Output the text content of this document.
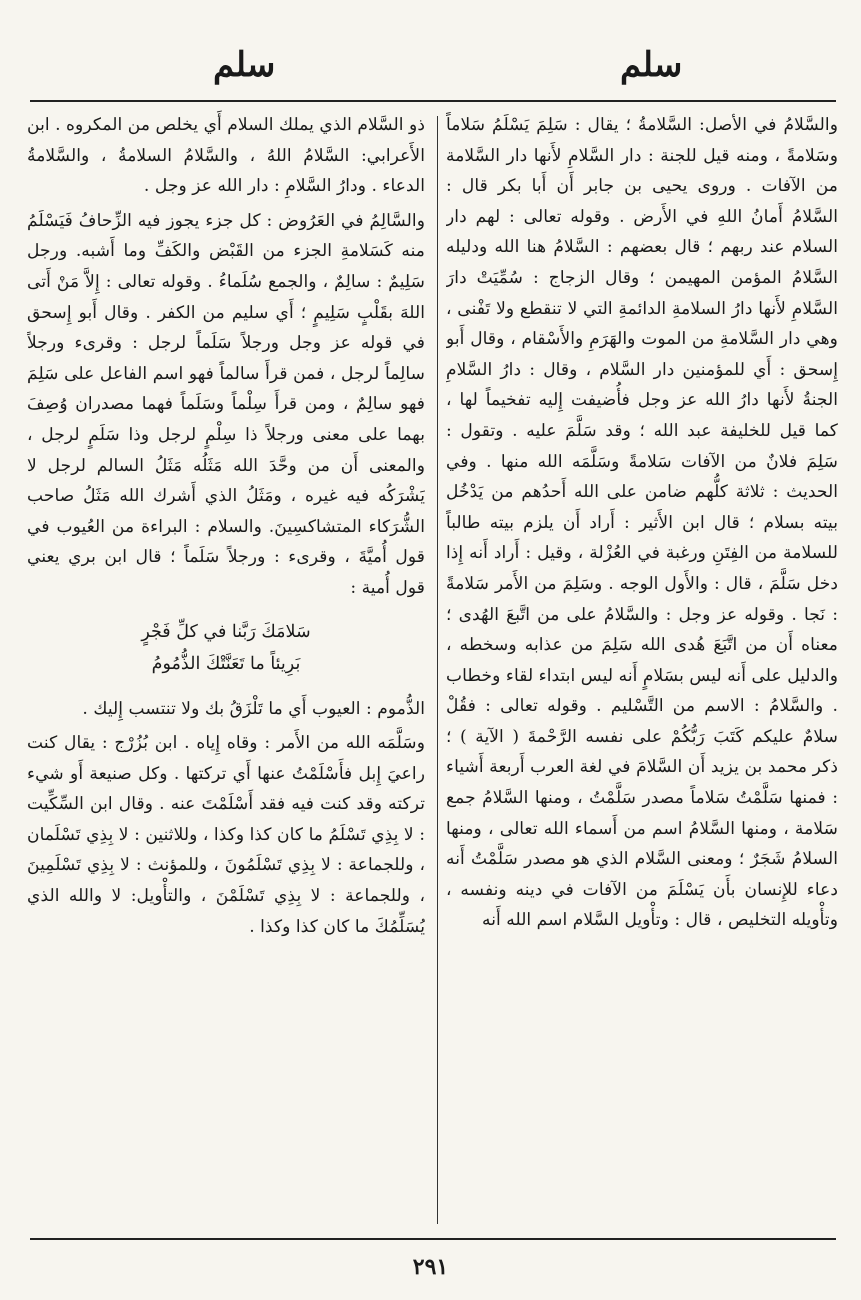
سلم
سلم

والسَّلامُ في الأصل: السَّلامةُ ؛ يقال : سَلِمَ يَسْلَمُ سَلاماً وسَلامةً ، ومنه قيل للجنة : دار السَّلامِ لأَنها دار السَّلامة من الآفات . وروى يحيى بن جابر أَن أَبا بكر قال : السَّلامُ أَمانُ اللهِ في الأَرض . وقوله تعالى : لهم دار السلام عند ربهم ؛ قال بعضهم : السَّلامُ هنا الله ودليله السَّلامُ المؤمن المهيمن ؛ وقال الزجاج : سُمِّيَتْ دارَ السَّلامِ لأَنها دارُ السلامةِ الدائمةِ التي لا تنقطع ولا تَفْنى ، وهي دار السَّلامةِ من الموت والهَرَمِ والأَسْقام ، وقال أَبو إِسحق : أَي للمؤمنين دار السَّلام ، وقال : دارُ السَّلامِ الجنةُ لأَنها دارُ الله عز وجل فأُضيفت إِليه تفخيماً لها ، كما قيل للخليفة عبد الله ؛ وقد سَلَّمَ عليه . وتقول : سَلِمَ فلانٌ من الآفات سَلامةً وسَلَّمَه الله منها . وفي الحديث : ثلاثة كلُّهم ضامن على الله أَحدُهم من يَدْخُل بيته بسلام ؛ قال ابن الأَثير : أَراد أَن يلزم بيته طالباً للسلامة من الفِتَنِ ورغبة في العُزْلة ، وقيل : أَراد أَنه إِذا دخل سَلَّمَ ، قال : والأَول الوجه . وسَلِمَ من الأَمر سَلامةً : نَجا . وقوله عز وجل : والسَّلامُ على من اتَّبعَ الهُدى ؛ معناه أَن من اتَّبَعَ هُدى الله سَلِمَ من عذابه وسخطه ، والدليل على أَنه ليس بسَلامٍ أَنه ليس ابتداء لقاء وخطاب . والسَّلامُ : الاسم من التَّسْليم . وقوله تعالى : فقُلْ سلامٌ عليكم كَتَبَ رَبُّكُمْ على نفسه الرَّحْمةَ ( الآية ) ؛ ذكر محمد بن يزيد أَن السَّلامَ في لغة العرب أَربعة أَشياء : فمنها سَلَّمْتُ سَلاماً مصدر سَلَّمْتُ ، ومنها السَّلامُ جمع سَلامة ، ومنها السَّلامُ اسم من أَسماء الله تعالى ، ومنها السلامُ شَجَرٌ ؛ ومعنى السَّلام الذي هو مصدر سَلَّمْتُ أَنه دعاء للإِنسان بأَن يَسْلَمَ من الآفات في دينه ونفسه ، وتأْويله التخليص ، قال : وتأْويل السَّلام اسم الله أَنه

ذو السَّلام الذي يملك السلام أَي يخلص من المكروه . ابن الأَعرابي: السَّلامُ اللهُ ، والسَّلامُ السلامةُ ، والسَّلامةُ الدعاء . ودارُ السَّلامِ : دار الله عز وجل .

والسَّالِمُ في العَرُوض : كل جزء يجوز فيه الزِّحافُ فَيَسْلَمُ منه كَسَلامةِ الجزء من القَبْض والكَفِّ وما أَشبه. ورجل سَلِيمٌ : سالِمٌ ، والجمع سُلَماءُ . وقوله تعالى : إِلاَّ مَنْ أَتى اللهَ بقَلْبٍ سَلِيمٍ ؛ أَي سليم من الكفر . وقال أَبو إِسحق في قوله عز وجل ورجلاً سَلَماً لرجل : وقرىء ورجلاً سالِماً لرجل ، فمن قرأَ سالماً فهو اسم الفاعل على سَلِمَ فهو سالِمٌ ، ومن قرأَ سِلْماً وسَلَماً فهما مصدران وُصِفَ بهما على معنى ورجلاً ذا سِلْمٍ لرجل وذا سَلَمٍ لرجل ، والمعنى أَن من وحَّدَ الله مَثَلُه مَثَلُ السالم لرجل لا يَشْرَكُه فيه غيره ، ومَثَلُ الذي أَشرك الله مَثَلُ صاحب الشُّرَكاء المتشاكسِينَ. والسلام : البراءة من العُيوب في قول أُميَّةَ ، وقرىء : ورجلاً سَلَماً ؛ قال ابن بري يعني قول أُمية :

سَلامَكَ رَبَّنا في كلِّ فَجْرٍ
بَرِيئاً ما تَعَنَّتْكَ الذُّمُومُ

الذُّموم : العيوب أَي ما تَلْزَقُ بك ولا تنتسب إِليك .

وسَلَّمَه الله من الأَمر : وقاه إِياه . ابن بُزُرْج : يقال كنت راعيَ إِبل فأَسْلَمْتُ عنها أَي تركتها . وكل صنيعة أَو شيء تركته وقد كنت فيه فقد أَسْلَمْتَ عنه . وقال ابن السِّكِّيت : لا بِذِي تَسْلَمُ ما كان كذا وكذا ، وللاثنين : لا بِذِي تَسْلَمان ، وللجماعة : لا بِذِي تَسْلَمُونَ ، وللمؤنث : لا بِذِي تَسْلَمِينَ ، وللجماعة : لا بِذِي تَسْلَمْنَ ، والتأْويل: لا والله الذي يُسَلِّمُكَ ما كان كذا وكذا .

٢٩١
